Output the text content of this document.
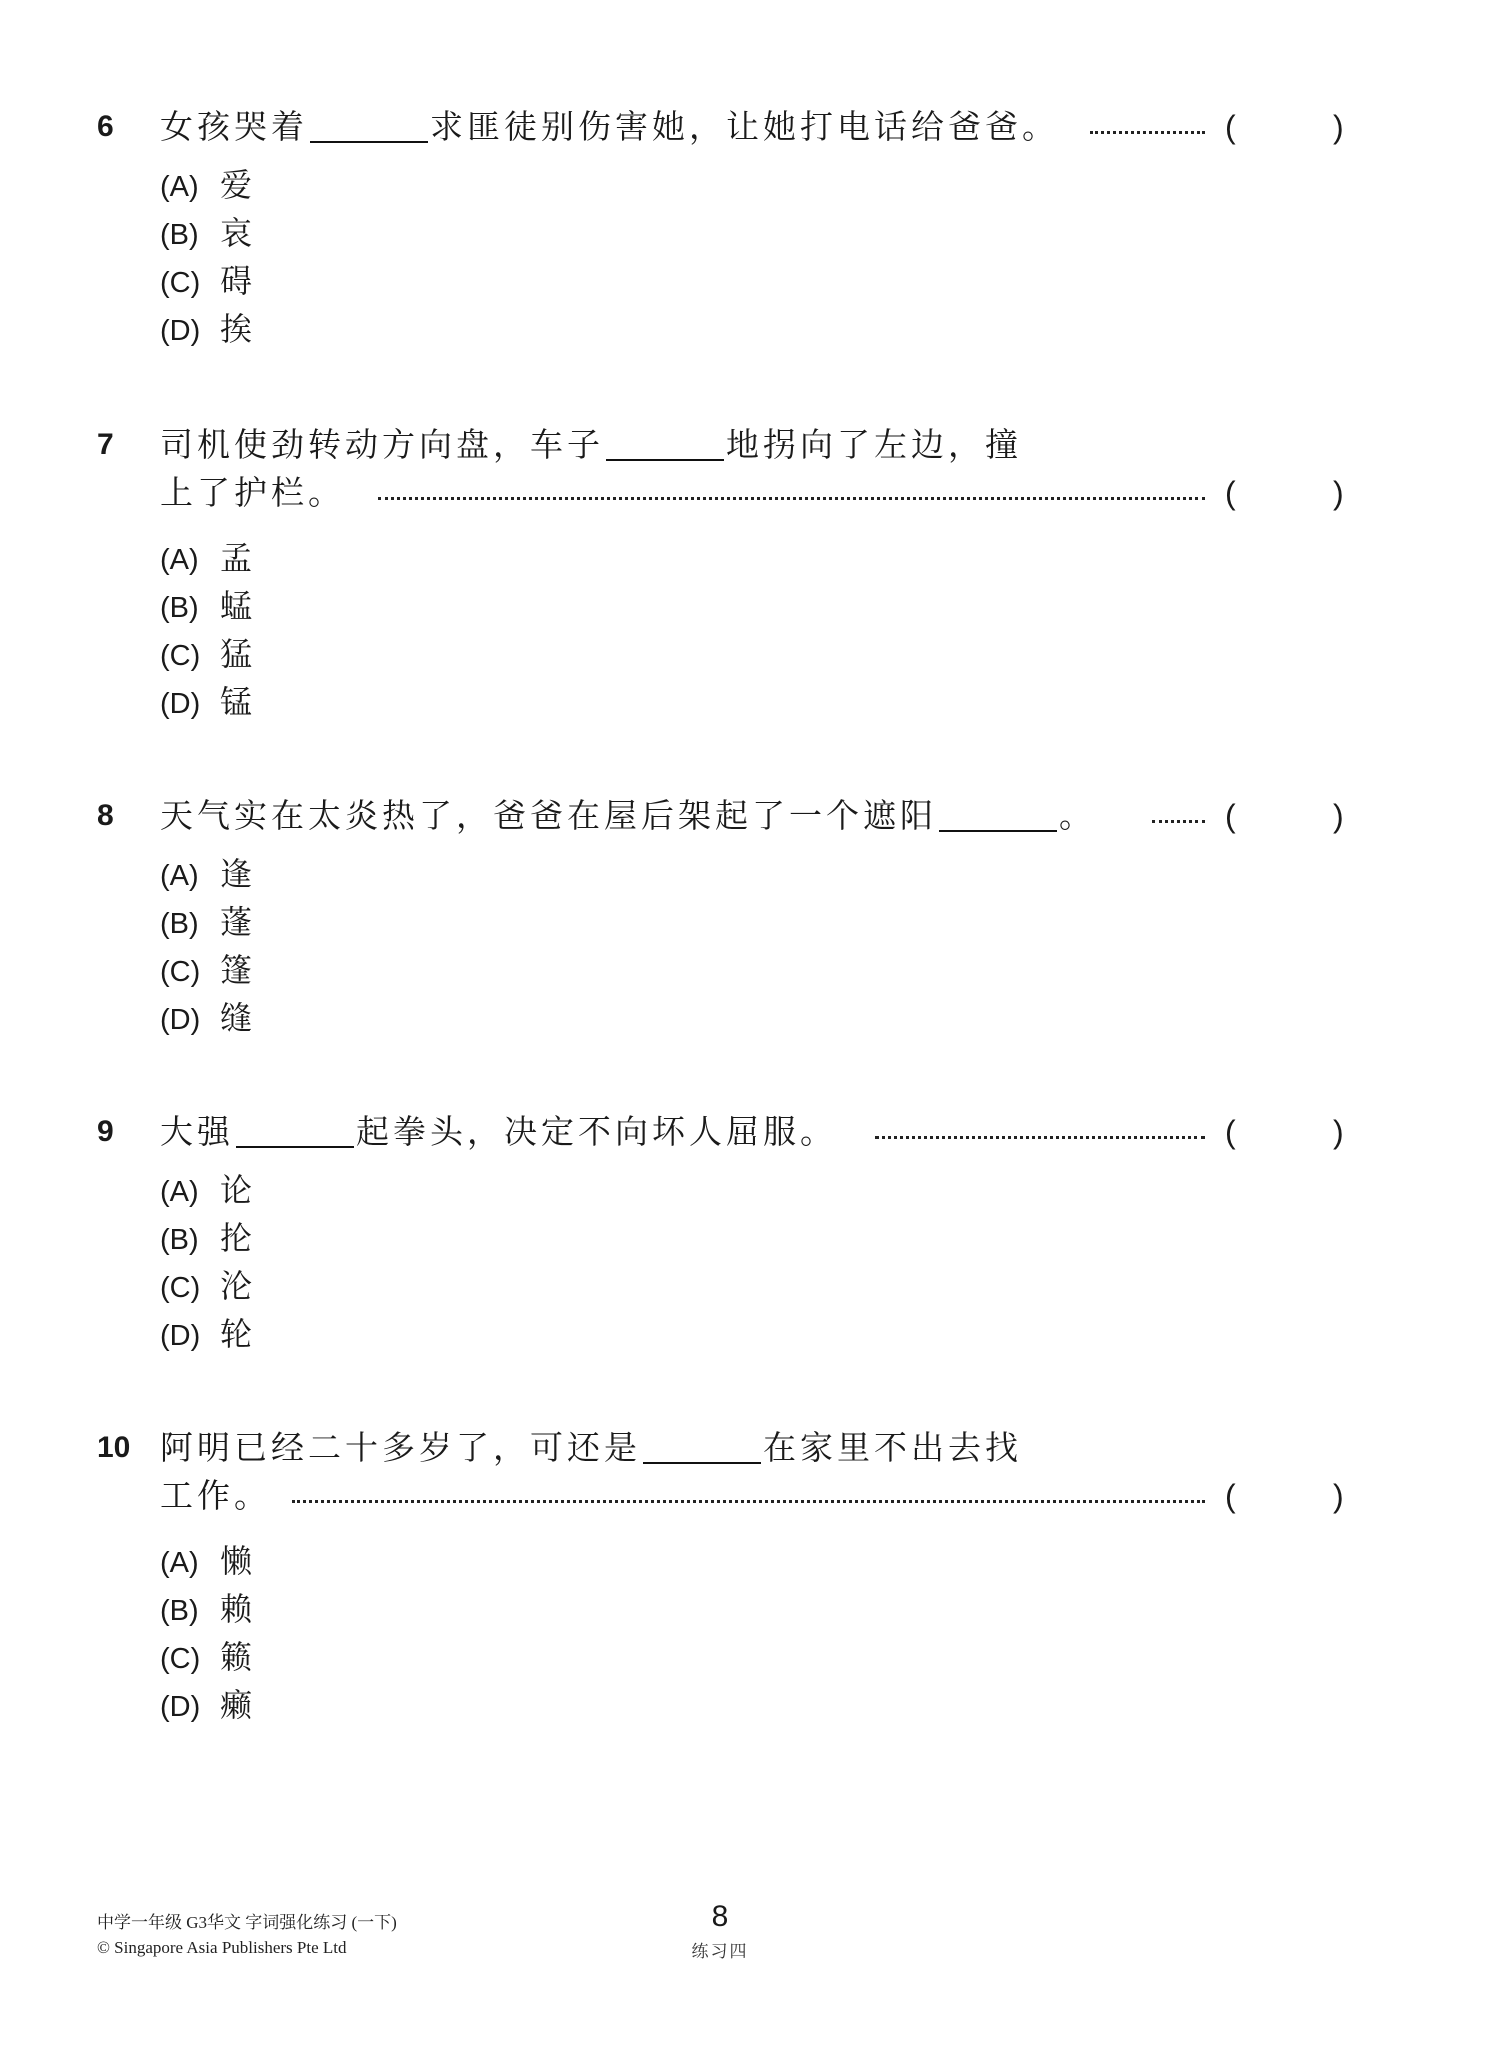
6 女孩哭着	求匪徒别伤害她，让她打电话给爸爸。	(	)
(A) 爱
(B) 哀
(C) 碍
(D) 挨
7 司机使劲转动方向盘，车子	地拐向了左边，撞
上了护栏。	(	)
(A) 孟
(B) 蜢
(C) 猛
(D) 锰
8 天气实在太炎热了，爸爸在屋后架起了一个遮阳	。	(	)
(A) 逢
(B) 蓬
(C) 篷
(D) 缝
9 大强	起拳头，决定不向坏人屈服。	(	)
(A) 论
(B) 抡
(C) 沦
(D) 轮
10 阿明已经二十多岁了，可还是	在家里不出去找
工作。	(	)
(A) 懒
(B) 赖
(C) 籁
(D) 癞
中学一年级 G3华文 字词强化练习 (一下)
© Singapore Asia Publishers Pte Ltd
8
练习四
